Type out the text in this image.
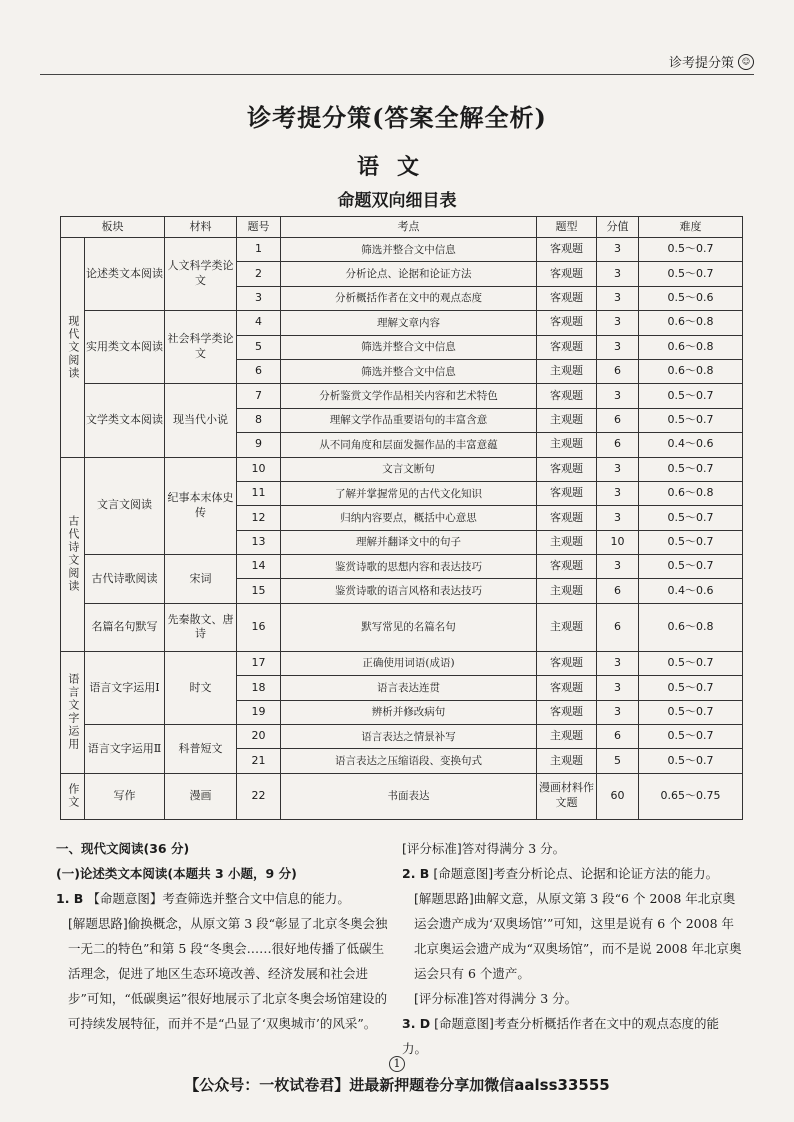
诊考提分策 ☺
诊考提分策(答案全解全析)
语文
命题双向细目表
板块		材料	题号	考点	题型	分值	难度

现代文阅读	论述类文本阅读	人文科学类论文	1	筛选并整合文中信息	客观题	3	0.5～0.7
			2	分析论点、论据和论证方法	客观题	3	0.5～0.7
			3	分析概括作者在文中的观点态度	客观题	3	0.5～0.6
	实用类文本阅读	社会科学类论文	4	理解文章内容	客观题	3	0.6～0.8
			5	筛选并整合文中信息	客观题	3	0.6～0.8
			6	筛选并整合文中信息	主观题	6	0.6～0.8
	文学类文本阅读	现当代小说	7	分析鉴赏文学作品相关内容和艺术特色	客观题	3	0.5～0.7
			8	理解文学作品重要语句的丰富含意	主观题	6	0.5～0.7
			9	从不同角度和层面发掘作品的丰富意蕴	主观题	6	0.4～0.6

古代诗文阅读	文言文阅读	纪事本末体史传	10	文言文断句	客观题	3	0.5～0.7
			11	了解并掌握常见的古代文化知识	客观题	3	0.6～0.8
			12	归纳内容要点，概括中心意思	客观题	3	0.5～0.7
			13	理解并翻译文中的句子	主观题	10	0.5～0.7
	古代诗歌阅读	宋词	14	鉴赏诗歌的思想内容和表达技巧	客观题	3	0.5～0.7
			15	鉴赏诗歌的语言风格和表达技巧	主观题	6	0.4～0.6
	名篇名句默写	先秦散文、唐诗	16	默写常见的名篇名句	主观题	6	0.6～0.8

语言文字运用	语言文字运用Ⅰ	时文	17	正确使用词语(成语)	客观题	3	0.5～0.7
			18	语言表达连贯	客观题	3	0.5～0.7
			19	辨析并修改病句	客观题	3	0.5～0.7
	语言文字运用Ⅱ	科普短文	20	语言表达之情景补写	主观题	6	0.5～0.7
			21	语言表达之压缩语段、变换句式	主观题	5	0.5～0.7

作文	写作	漫画	22	书面表达	漫画材料作文题	60	0.65～0.75
一、现代文阅读(36 分)
(一)论述类文本阅读(本题共 3 小题，9 分)
1. B 【命题意图】考查筛选并整合文中信息的能力。
[解题思路]偷换概念，从原文第 3 段“彰显了北京冬奥会独一无二的特色”和第 5 段“冬奥会……很好地传播了低碳生活理念，促进了地区生态环境改善、经济发展和社会进步”可知，“低碳奥运”很好地展示了北京冬奥会场馆建设的可持续发展特征，而并不是“凸显了‘双奥城市’的风采”。
[评分标准]答对得满分 3 分。
2. B [命题意图]考查分析论点、论据和论证方法的能力。
[解题思路]曲解文意，从原文第 3 段“6 个 2008 年北京奥运会遗产成为‘双奥场馆’”可知，这里是说有 6 个 2008 年北京奥运会遗产成为“双奥场馆”，而不是说 2008 年北京奥运会只有 6 个遗产。
[评分标准]答对得满分 3 分。
3. D [命题意图]考查分析概括作者在文中的观点态度的能力。
1
【公众号：一枚试卷君】进最新押题卷分享加微信aalss33555
